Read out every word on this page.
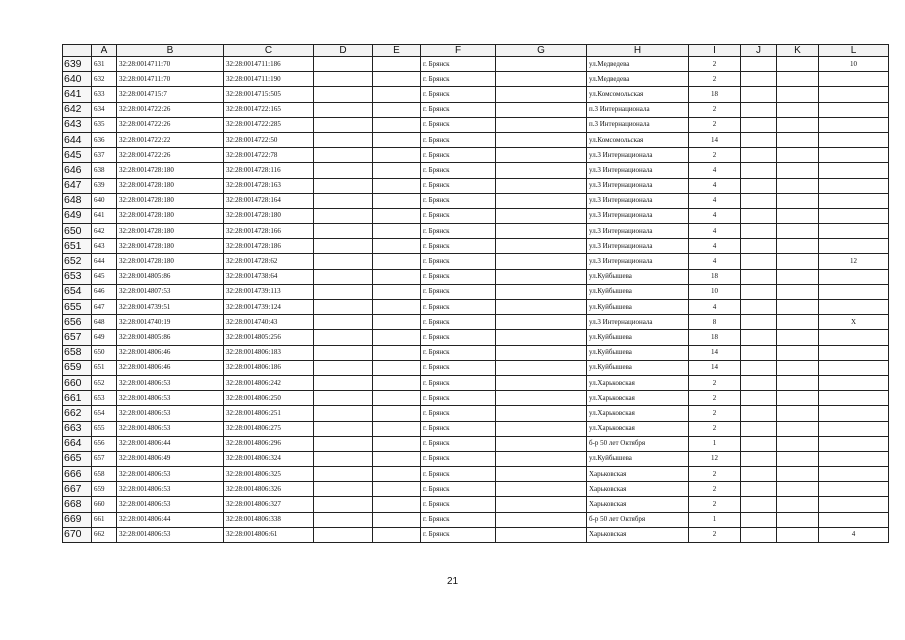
	A	B	C	D	E	F	G	H	I	J	K	L
639	631	32:28:0014711:70	32:28:0014711:186			г. Брянск		ул.Медведева	2			10
640	632	32:28:0014711:70	32:28:0014711:190			г. Брянск		ул.Медведева	2			
641	633	32:28:0014715:7	32:28:0014715:505			г. Брянск		ул.Комсомольская	18			
642	634	32:28:0014722:26	32:28:0014722:165			г. Брянск		п.3 Интернационала	2			
643	635	32:28:0014722:26	32:28:0014722:285			г. Брянск		п.3 Интернационала	2			
644	636	32:28:0014722:22	32:28:0014722:50			г. Брянск		ул.Комсомольская	14			
645	637	32:28:0014722:26	32:28:0014722:78			г. Брянск		ул.3 Интернационала	2			
646	638	32:28:0014728:180	32:28:0014728:116			г. Брянск		ул.3 Интернационала	4			
647	639	32:28:0014728:180	32:28:0014728:163			г. Брянск		ул.3 Интернационала	4			
648	640	32:28:0014728:180	32:28:0014728:164			г. Брянск		ул.3 Интернационала	4			
649	641	32:28:0014728:180	32:28:0014728:180			г. Брянск		ул.3 Интернационала	4			
650	642	32:28:0014728:180	32:28:0014728:166			г. Брянск		ул.3 Интернационала	4			
651	643	32:28:0014728:180	32:28:0014728:186			г. Брянск		ул.3 Интернационала	4			
652	644	32:28:0014728:180	32:28:0014728:62			г. Брянск		ул.3 Интернационала	4			12
653	645	32:28:0014805:86	32:28:0014738:64			г. Брянск		ул.Куйбышева	18			
654	646	32:28:0014807:53	32:28:0014739:113			г. Брянск		ул.Куйбышева	10			
655	647	32:28:0014739:51	32:28:0014739:124			г. Брянск		ул.Куйбышева	4			
656	648	32:28:0014740:19	32:28:0014740:43			г. Брянск		ул.3 Интернационала	8			X
657	649	32:28:0014805:86	32:28:0014805:256			г. Брянск		ул.Куйбышева	18			
658	650	32:28:0014806:46	32:28:0014806:183			г. Брянск		ул.Куйбышева	14			
659	651	32:28:0014806:46	32:28:0014806:186			г. Брянск		ул.Куйбышева	14			
660	652	32:28:0014806:53	32:28:0014806:242			г. Брянск		ул.Харьковская	2			
661	653	32:28:0014806:53	32:28:0014806:250			г. Брянск		ул.Харьковская	2			
662	654	32:28:0014806:53	32:28:0014806:251			г. Брянск		ул.Харьковская	2			
663	655	32:28:0014806:53	32:28:0014806:275			г. Брянск		ул.Харьковская	2			
664	656	32:28:0014806:44	32:28:0014806:296			г. Брянск		б-р 50 лет Октября	1			
665	657	32:28:0014806:49	32:28:0014806:324			г. Брянск		ул.Куйбышева	12			
666	658	32:28:0014806:53	32:28:0014806:325			г. Брянск		Харьковская	2			
667	659	32:28:0014806:53	32:28:0014806:326			г. Брянск		Харьковская	2			
668	660	32:28:0014806:53	32:28:0014806:327			г. Брянск		Харьковская	2			
669	661	32:28:0014806:44	32:28:0014806:338			г. Брянск		б-р 50 лет Октября	1			
670	662	32:28:0014806:53	32:28:0014806:61			г. Брянск		Харьковская	2			4
21
